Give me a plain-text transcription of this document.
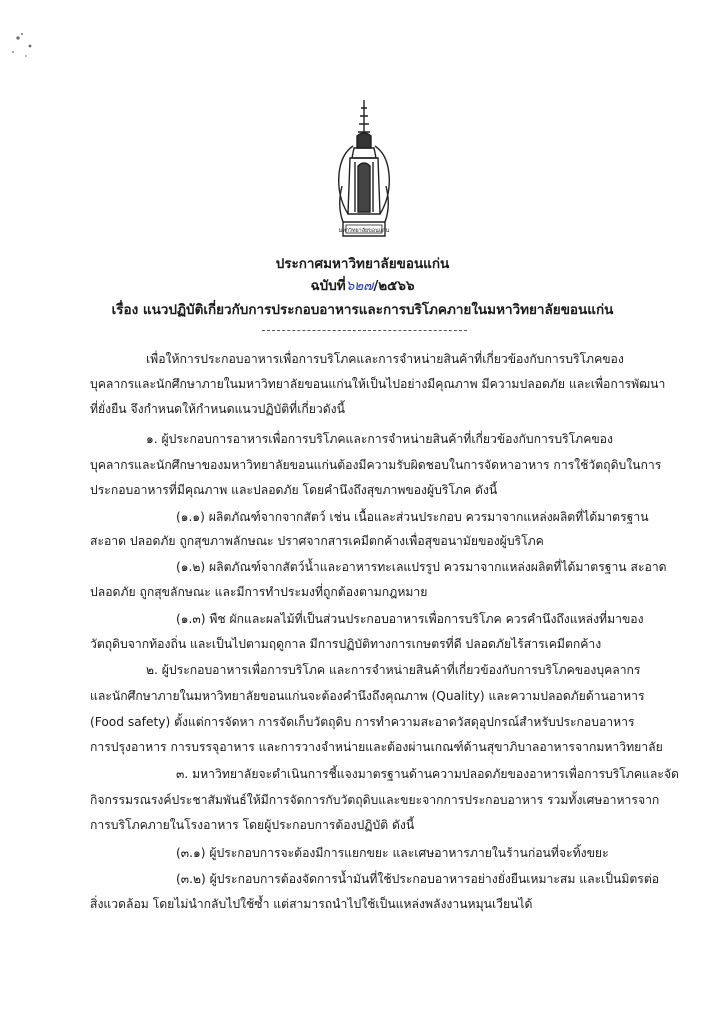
มหาวิทยาลัยขอนแก่น
ประกาศมหาวิทยาลัยขอนแก่น
ฉบับที่๖๒๗/๒๕๖๖
เรื่อง แนวปฏิบัติเกี่ยวกับการประกอบอาหารและการบริโภคภายในมหาวิทยาลัยขอนแก่น
เพื่อให้การประกอบอาหารเพื่อการบริโภคและการจำหน่ายสินค้าที่เกี่ยวข้องกับการบริโภคของ
บุคลากรและนักศึกษาภายในมหาวิทยาลัยขอนแก่นให้เป็นไปอย่างมีคุณภาพ มีความปลอดภัย และเพื่อการพัฒนา
ที่ยั่งยืน จึงกำหนดให้กำหนดแนวปฏิบัติที่เกี่ยวดังนี้
๑. ผู้ประกอบการอาหารเพื่อการบริโภคและการจำหน่ายสินค้าที่เกี่ยวข้องกับการบริโภคของ
บุคลากรและนักศึกษาของมหาวิทยาลัยขอนแก่นต้องมีความรับผิดชอบในการจัดหาอาหาร การใช้วัตถุดิบในการ
ประกอบอาหารที่มีคุณภาพ และปลอดภัย โดยคำนึงถึงสุขภาพของผู้บริโภค ดังนี้
(๑.๑) ผลิตภัณฑ์จากจากสัตว์ เช่น เนื้อและส่วนประกอบ ควรมาจากแหล่งผลิตที่ได้มาตรฐาน
สะอาด ปลอดภัย ถูกสุขภาพลักษณะ ปราศจากสารเคมีตกค้างเพื่อสุขอนามัยของผู้บริโภค
(๑.๒) ผลิตภัณฑ์จากสัตว์น้ำและอาหารทะเลแปรรูป ควรมาจากแหล่งผลิตที่ได้มาตรฐาน สะอาด
ปลอดภัย ถูกสุขลักษณะ และมีการทำประมงที่ถูกต้องตามกฎหมาย
(๑.๓) พืช ผักและผลไม้ที่เป็นส่วนประกอบอาหารเพื่อการบริโภค ควรคำนึงถึงแหล่งที่มาของ
วัตถุดิบจากท้องถิ่น และเป็นไปตามฤดูกาล มีการปฏิบัติทางการเกษตรที่ดี ปลอดภัยไร้สารเคมีตกค้าง
๒. ผู้ประกอบอาหารเพื่อการบริโภค และการจำหน่ายสินค้าที่เกี่ยวข้องกับการบริโภคของบุคลากร
และนักศึกษาภายในมหาวิทยาลัยขอนแก่นจะต้องคำนึงถึงคุณภาพ (Quality) และความปลอดภัยด้านอาหาร
(Food safety) ตั้งแต่การจัดหา การจัดเก็บวัตถุดิบ การทำความสะอาดวัสดุอุปกรณ์สำหรับประกอบอาหาร
การปรุงอาหาร การบรรจุอาหาร และการวางจำหน่ายและต้องผ่านเกณฑ์ด้านสุขาภิบาลอาหารจากมหาวิทยาลัย
๓. มหาวิทยาลัยจะดำเนินการชี้แจงมาตรฐานด้านความปลอดภัยของอาหารเพื่อการบริโภคและจัด
กิจกรรมรณรงค์ประชาสัมพันธ์ให้มีการจัดการกับวัตถุดิบและขยะจากการประกอบอาหาร รวมทั้งเศษอาหารจาก
การบริโภคภายในโรงอาหาร โดยผู้ประกอบการต้องปฏิบัติ ดังนี้
(๓.๑) ผู้ประกอบการจะต้องมีการแยกขยะ และเศษอาหารภายในร้านก่อนที่จะทิ้งขยะ
(๓.๒) ผู้ประกอบการต้องจัดการน้ำมันที่ใช้ประกอบอาหารอย่างยั่งยืนเหมาะสม และเป็นมิตรต่อ
สิ่งแวดล้อม โดยไม่นำกลับไปใช้ซ้ำ แต่สามารถนำไปใช้เป็นแหล่งพลังงานหมุนเวียนได้
